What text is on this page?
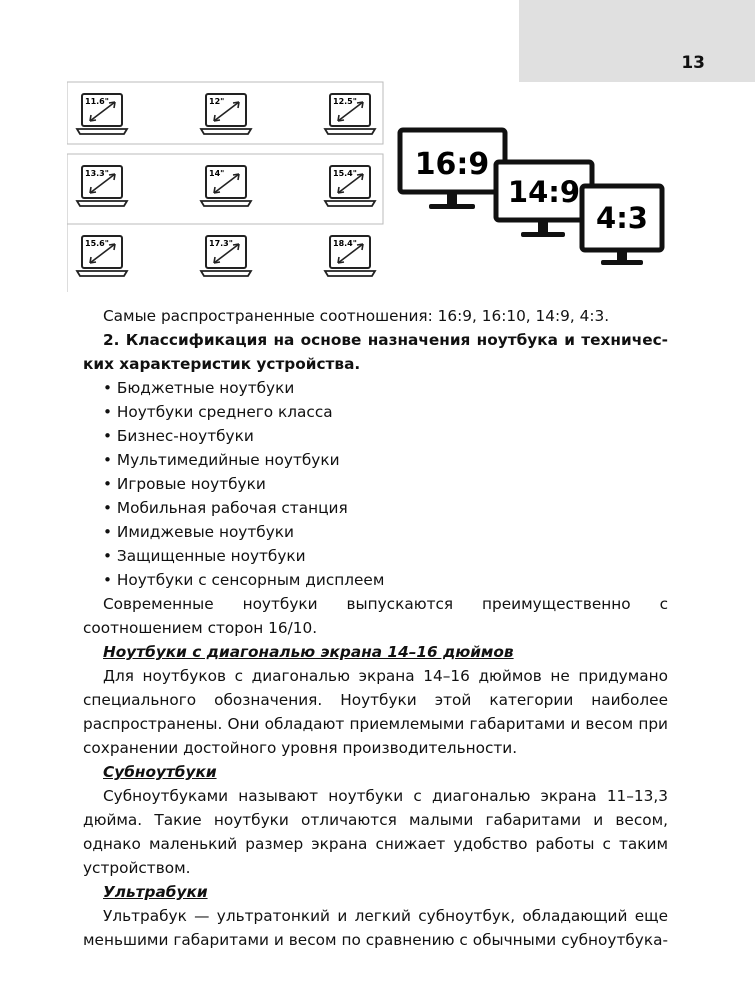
13
11.6"	12"	12.5"
13.3"	14"	15.4"
15.6"	17.3"	18.4"
16:9
14:9
4:3

Самые распространенные соотношения: 16:9, 16:10, 14:9, 4:3.

2. Классификация на основе назначения ноутбука и техничес-

ких характеристик устройства.

• Бюджетные ноутбуки
• Ноутбуки среднего класса
• Бизнес-ноутбуки
• Мультимедийные ноутбуки
• Игровые ноутбуки
• Мобильная рабочая станция
• Имиджевые ноутбуки
• Защищенные ноутбуки
• Ноутбуки с сенсорным дисплеем

Современные ноутбуки выпускаются преимущественно с соотношением сторон 16/10.

Ноутбуки с диагональю экрана 14–16 дюймов

Для ноутбуков с диагональю экрана 14–16 дюймов не придумано специального обозначения. Ноутбуки этой категории наиболее распространены. Они обладают приемлемыми габаритами и весом при сохранении достойного уровня производительности.

Субноутбуки

Субноутбуками называют ноутбуки с диагональю экрана 11–13,3 дюйма. Такие ноутбуки отличаются малыми габаритами и весом, однако маленький размер экрана снижает удобство работы с таким устройством.

Ультрабуки

Ультрабук — ультратонкий и легкий субноутбук, обладающий еще меньшими габаритами и весом по сравнению с обычными субноутбука-
